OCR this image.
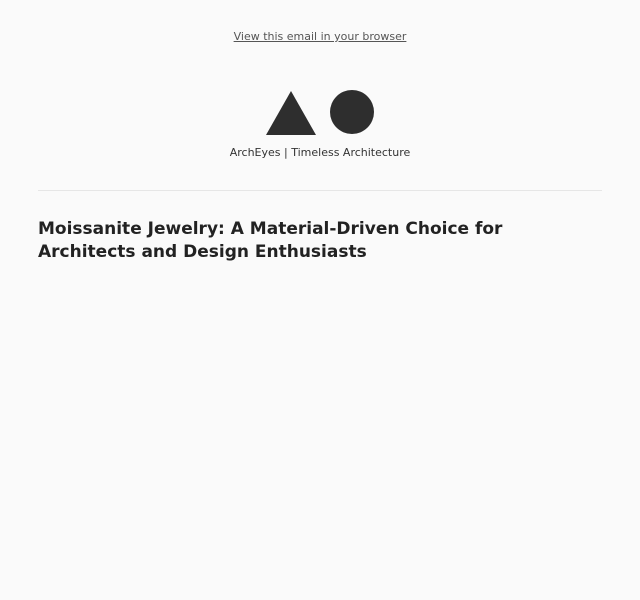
View this email in your browser
ArchEyes | Timeless Architecture
Moissanite Jewelry: A Material-Driven Choice for Architects and Design Enthusiasts
